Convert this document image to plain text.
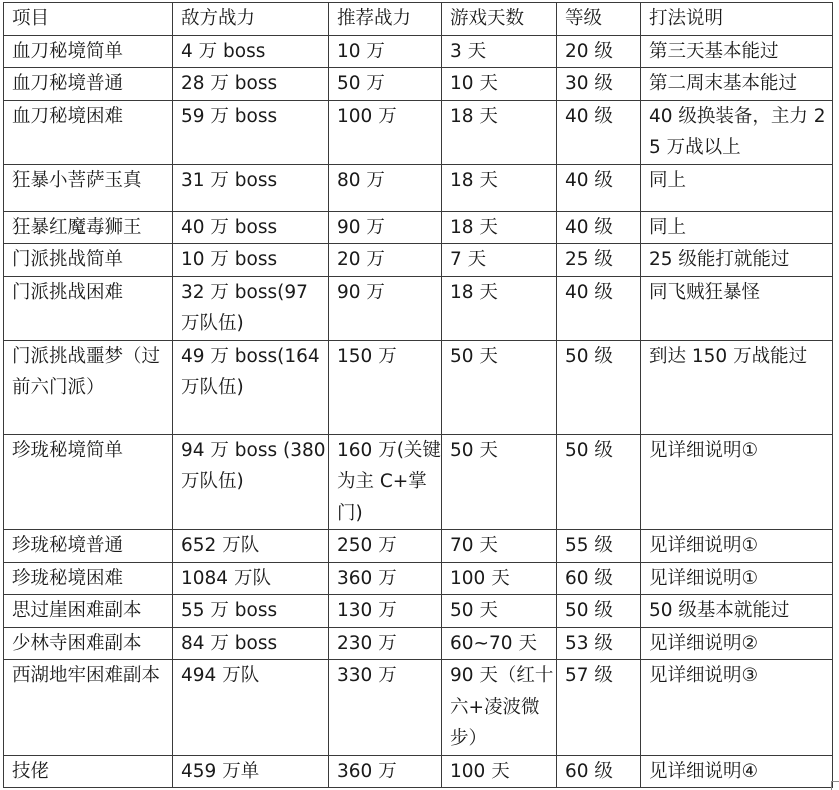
项目	敌方战力	推荐战力	游戏天数	等级	打法说明
血刀秘境简单	4 万 boss	10 万	3 天	20 级	第三天基本能过
血刀秘境普通	28 万 boss	50 万	10 天	30 级	第二周末基本能过
血刀秘境困难	59 万 boss	100 万	18 天	40 级	40 级换装备，主力 25 万战以上
狂暴小菩萨玉真	31 万 boss	80 万	18 天	40 级	同上
狂暴红魔毒狮王	40 万 boss	90 万	18 天	40 级	同上
门派挑战简单	10 万 boss	20 万	7 天	25 级	25 级能打就能过
门派挑战困难	32 万 boss(97 万队伍)	90 万	18 天	40 级	同飞贼狂暴怪
门派挑战噩梦（过前六门派）	49 万 boss(164 万队伍)	150 万	50 天	50 级	到达 150 万战能过
珍珑秘境简单	94 万 boss (380 万队伍)	160 万(关键为主 C+掌门)	50 天	50 级	见详细说明①
珍珑秘境普通	652 万队	250 万	70 天	55 级	见详细说明①
珍珑秘境困难	1084 万队	360 万	100 天	60 级	见详细说明①
思过崖困难副本	55 万 boss	130 万	50 天	50 级	50 级基本就能过
少林寺困难副本	84 万 boss	230 万	60~70 天	53 级	见详细说明②
西湖地牢困难副本	494 万队	330 万	90 天（红十六+凌波微步）	57 级	见详细说明③
技佬	459 万单	360 万	100 天	60 级	见详细说明④
